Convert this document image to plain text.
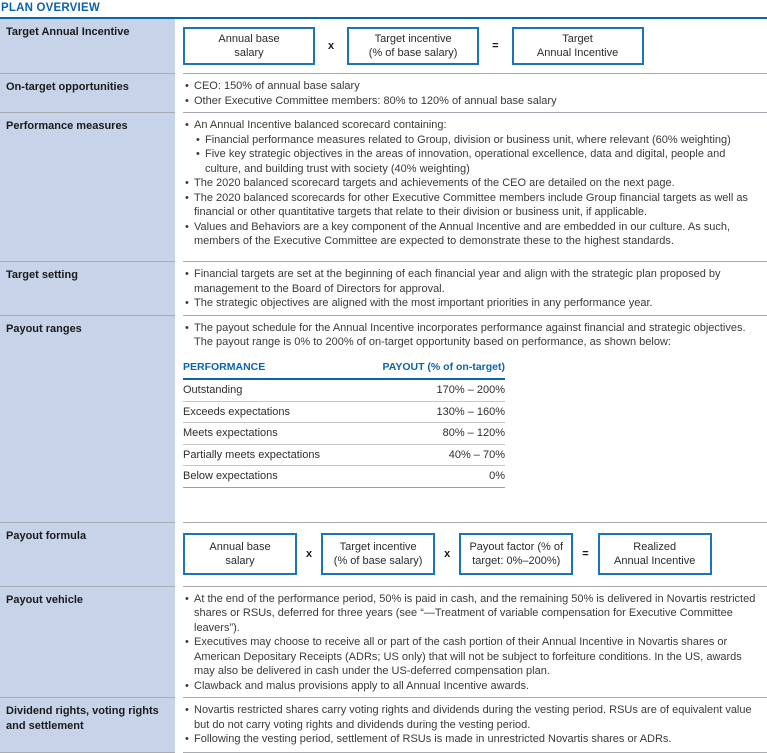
PLAN OVERVIEW
Target Annual Incentive
Annual base
salary
x
Target incentive
(% of base salary)
=
Target
Annual Incentive
On-target opportunities	• CEO: 150% of annual base salary
• Other Executive Committee members: 80% to 120% of annual base salary
Performance measures	• An Annual Incentive balanced scorecard containing:
• Financial performance measures related to Group, division or business unit, where relevant (60% weighting)
• Five key strategic objectives in the areas of innovation, operational excellence, data and digital, people and culture, and building trust with society (40% weighting)
• The 2020 balanced scorecard targets and achievements of the CEO are detailed on the next page.
• The 2020 balanced scorecards for other Executive Committee members include Group financial targets as well as financial or other quantitative targets that relate to their division or business unit, if applicable.
• Values and Behaviors are a key component of the Annual Incentive and are embedded in our culture. As such, members of the Executive Committee are expected to demonstrate these to the highest standards.
Target setting	• Financial targets are set at the beginning of each financial year and align with the strategic plan proposed by management to the Board of Directors for approval.
• The strategic objectives are aligned with the most important priorities in any performance year.
Payout ranges	• The payout schedule for the Annual Incentive incorporates performance against financial and strategic objectives. The payout range is 0% to 200% of on-target opportunity based on performance, as shown below:
PERFORMANCE	PAYOUT (% of on-target)
Outstanding	170% – 200%
Exceeds expectations	130% – 160%
Meets expectations	80% – 120%
Partially meets expectations	40% – 70%
Below expectations	0%
Payout formula
Annual base
salary
x
Target incentive
(% of base salary)
x
Payout factor (% of
target: 0%–200%)
=
Realized
Annual Incentive
Payout vehicle	• At the end of the performance period, 50% is paid in cash, and the remaining 50% is delivered in Novartis restricted shares or RSUs, deferred for three years (see “—Treatment of variable compensation for Executive Committee leavers”).
• Executives may choose to receive all or part of the cash portion of their Annual Incentive in Novartis shares or American Depositary Receipts (ADRs; US only) that will not be subject to forfeiture conditions. In the US, awards may also be delivered in cash under the US-deferred compensation plan.
• Clawback and malus provisions apply to all Annual Incentive awards.
Dividend rights, voting rights and settlement
• Novartis restricted shares carry voting rights and dividends during the vesting period. RSUs are of equivalent value but do not carry voting rights and dividends during the vesting period.
• Following the vesting period, settlement of RSUs is made in unrestricted Novartis shares or ADRs.
